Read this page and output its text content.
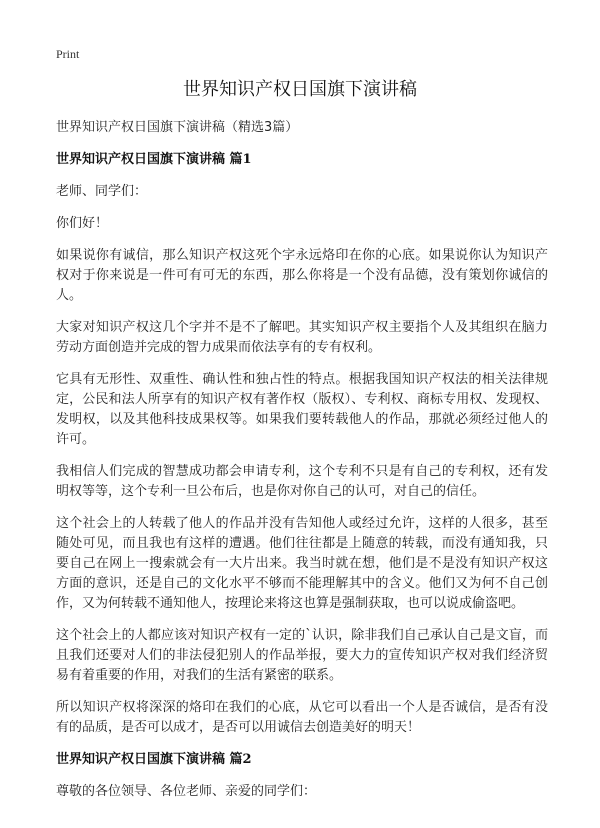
Print
世界知识产权日国旗下演讲稿

世界知识产权日国旗下演讲稿（精选3篇）

世界知识产权日国旗下演讲稿 篇1

老师、同学们：

你们好！

如果说你有诚信，那么知识产权这死个字永远烙印在你的心底。如果说你认为知识产权对于你来说是一件可有可无的东西，那么你将是一个没有品德，没有策划你诚信的人。

大家对知识产权这几个字并不是不了解吧。其实知识产权主要指个人及其组织在脑力劳动方面创造并完成的智力成果而依法享有的专有权利。

它具有无形性、双重性、确认性和独占性的特点。根据我国知识产权法的相关法律规定，公民和法人所享有的知识产权有著作权（版权）、专利权、商标专用权、发现权、发明权，以及其他科技成果权等。如果我们要转载他人的作品，那就必须经过他人的许可。

我相信人们完成的智慧成功都会申请专利，这个专利不只是有自己的专利权，还有发明权等等，这个专利一旦公布后，也是你对你自己的认可，对自己的信任。

这个社会上的人转载了他人的作品并没有告知他人或经过允许，这样的人很多，甚至随处可见，而且我也有这样的遭遇。他们往往都是上随意的转载，而没有通知我，只要自己在网上一搜索就会有一大片出来。我当时就在想，他们是不是没有知识产权这方面的意识，还是自己的文化水平不够而不能理解其中的含义。他们又为何不自己创作，又为何转载不通知他人，按理论来将这也算是强制获取，也可以说成偷盗吧。

这个社会上的人都应该对知识产权有一定的`认识，除非我们自己承认自己是文盲，而且我们还要对人们的非法侵犯别人的作品举报，要大力的宣传知识产权对我们经济贸易有着重要的作用，对我们的生活有紧密的联系。

所以知识产权将深深的烙印在我们的心底，从它可以看出一个人是否诚信，是否有没有的品质，是否可以成才，是否可以用诚信去创造美好的明天！

世界知识产权日国旗下演讲稿 篇2

尊敬的各位领导、各位老师、亲爱的同学们：
